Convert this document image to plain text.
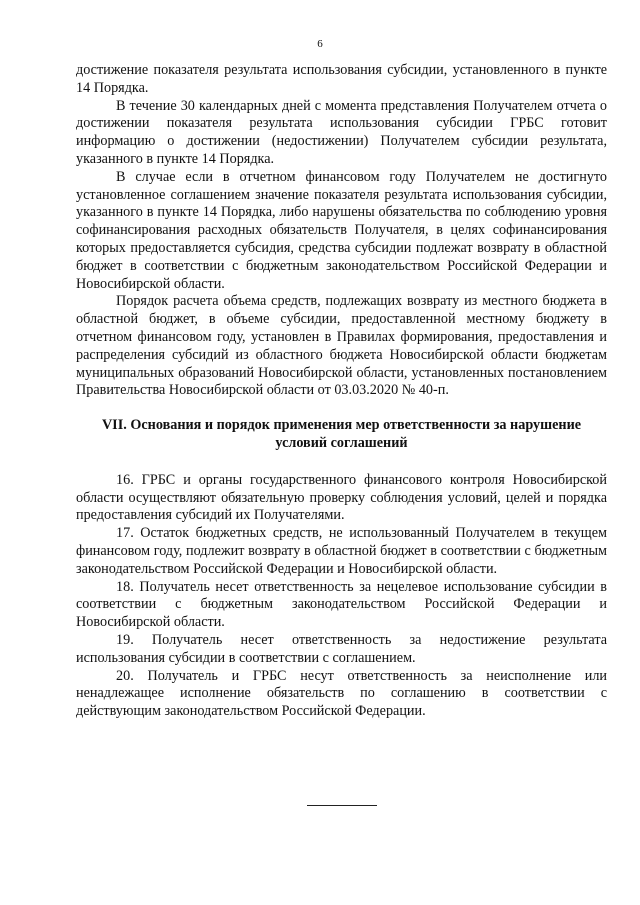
6

достижение показателя результата использования субсидии, установленного в пункте 14 Порядка.

В течение 30 календарных дней с момента представления Получателем отчета о достижении показателя результата использования субсидии ГРБС готовит информацию о достижении (недостижении) Получателем субсидии результата, указанного в пункте 14 Порядка.

В случае если в отчетном финансовом году Получателем не достигнуто установленное соглашением значение показателя результата использования субсидии, указанного в пункте 14 Порядка, либо нарушены обязательства по соблюдению уровня софинансирования расходных обязательств Получателя, в целях софинансирования которых предоставляется субсидия, средства субсидии подлежат возврату в областной бюджет в соответствии с бюджетным законодательством Российской Федерации и Новосибирской области.

Порядок расчета объема средств, подлежащих возврату из местного бюджета в областной бюджет, в объеме субсидии, предоставленной местному бюджету в отчетном финансовом году, установлен в Правилах формирования, предоставления и распределения субсидий из областного бюджета Новосибирской области бюджетам муниципальных образований Новосибирской области, установленных постановлением Правительства Новосибирской области от 03.03.2020 № 40-п.

VII. Основания и порядок применения мер ответственности за нарушение условий соглашений

16. ГРБС и органы государственного финансового контроля Новосибирской области осуществляют обязательную проверку соблюдения условий, целей и порядка предоставления субсидий их Получателями.

17. Остаток бюджетных средств, не использованный Получателем в текущем финансовом году, подлежит возврату в областной бюджет в соответствии с бюджетным законодательством Российской Федерации и Новосибирской области.

18. Получатель несет ответственность за нецелевое использование субсидии в соответствии с бюджетным законодательством Российской Федерации и Новосибирской области.

19. Получатель несет ответственность за недостижение результата использования субсидии в соответствии с соглашением.

20. Получатель и ГРБС несут ответственность за неисполнение или ненадлежащее исполнение обязательств по соглашению в соответствии с действующим законодательством Российской Федерации.
